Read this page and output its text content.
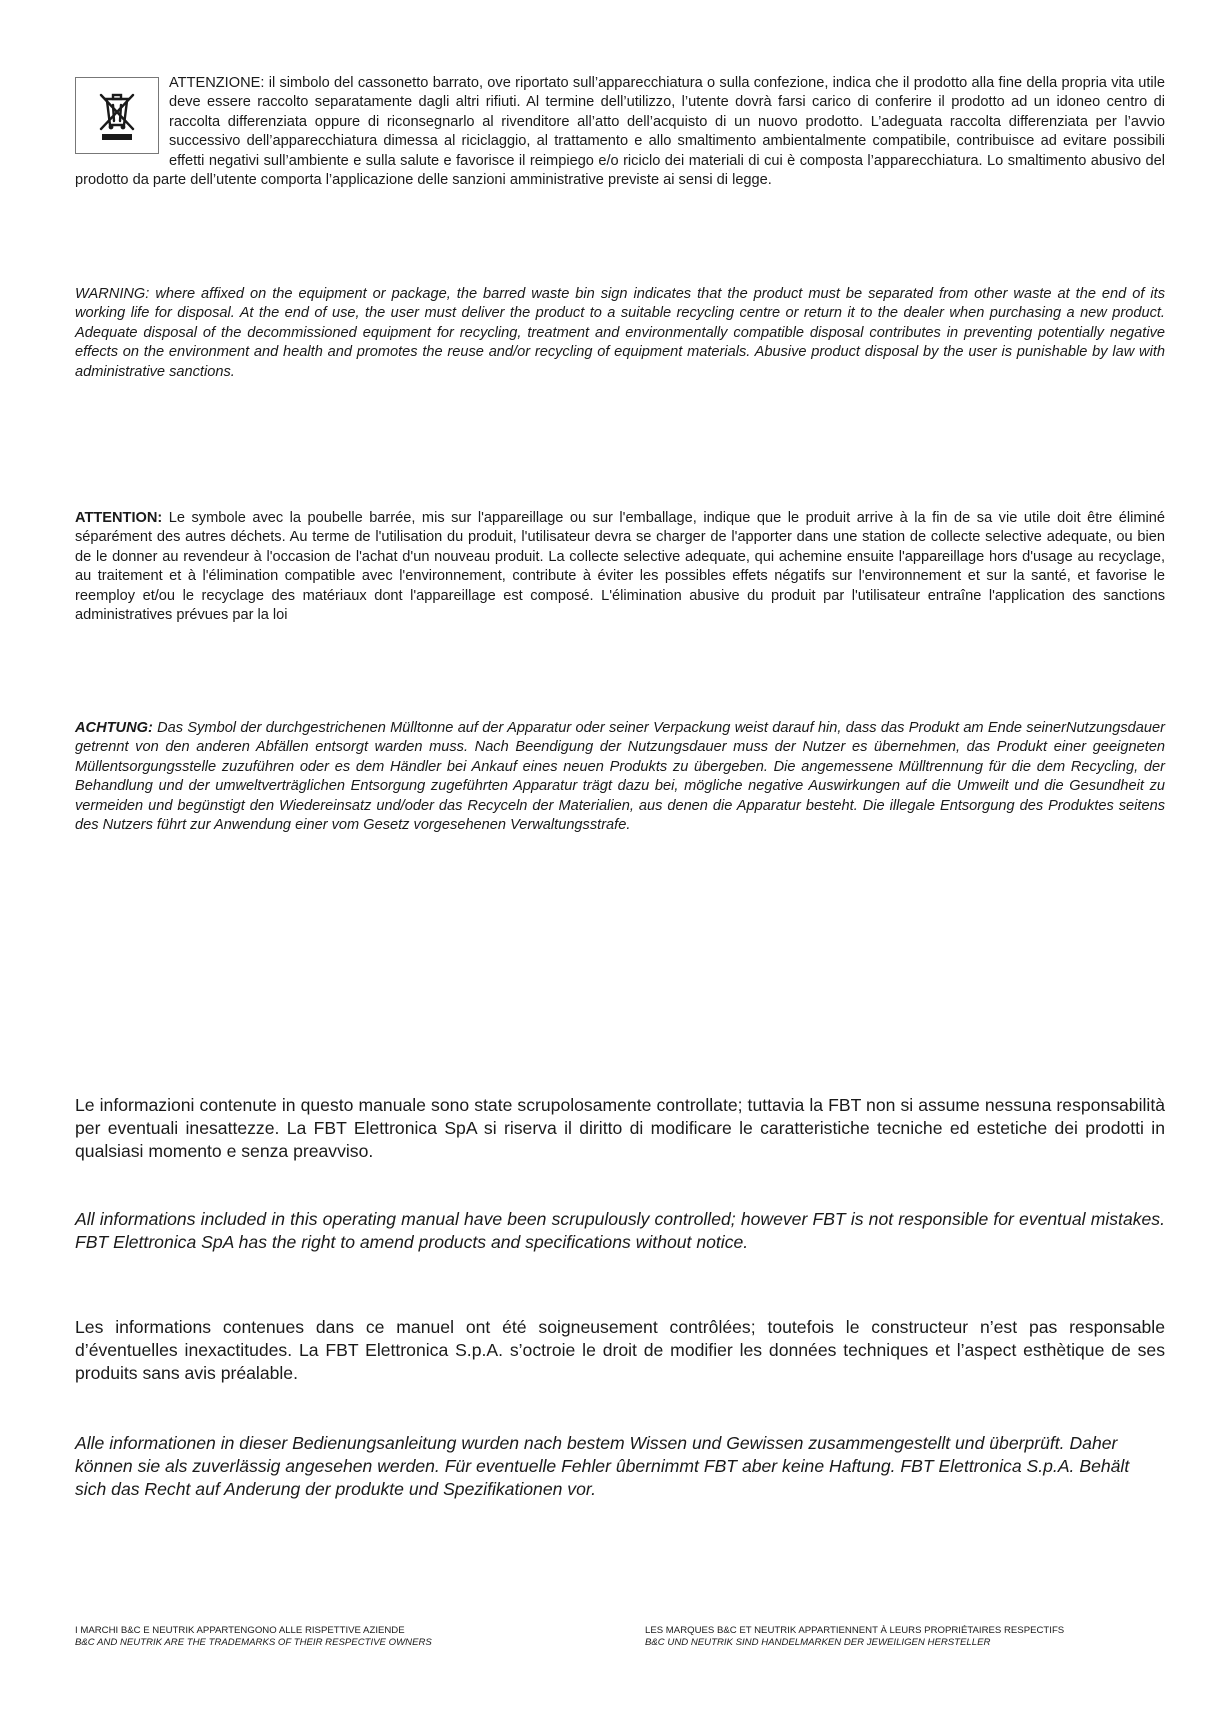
ATTENZIONE: il simbolo del cassonetto barrato, ove riportato sull’apparecchiatura o sulla confezione, indica che il prodotto alla fine della propria vita utile deve essere raccolto separatamente dagli altri rifiuti. Al termine dell’utilizzo, l’utente dovrà farsi carico di conferire il prodotto ad un idoneo centro di raccolta differenziata oppure di riconsegnarlo al rivenditore all’atto dell’acquisto di un nuovo prodotto. L’adeguata raccolta differenziata per l’avvio successivo dell’apparecchiatura dimessa al riciclaggio, al trattamento e allo smaltimento ambientalmente compatibile, contribuisce ad evitare possibili effetti negativi sull’ambiente e sulla salute e favorisce il reimpiego e/o riciclo dei materiali di cui è composta l’apparecchiatura. Lo smaltimento abusivo del prodotto da parte dell’utente comporta l’applicazione delle sanzioni amministrative previste ai sensi di legge.
WARNING: where affixed on the equipment or package, the barred waste bin sign indicates that the product must be separated from other waste at the end of its working life for disposal. At the end of use, the user must deliver the product to a suitable recycling centre or return it to the dealer when purchasing a new product. Adequate disposal of the decommissioned equipment for recycling, treatment and environmentally compatible disposal contributes in preventing potentially negative effects on the environment and health and promotes the reuse and/or recycling of equipment materials. Abusive product disposal by the user is punishable by law with administrative sanctions.
ATTENTION: Le symbole avec la poubelle barrée, mis sur l'appareillage ou sur l'emballage, indique que le produit arrive à la fin de sa vie utile doit être éliminé séparément des autres déchets. Au terme de l'utilisation du produit, l'utilisateur devra se charger de l'apporter dans une station de collecte selective adequate, ou bien de le donner au revendeur à l'occasion de l'achat d'un nouveau produit. La collecte selective adequate, qui achemine ensuite l'appareillage hors d'usage au recyclage, au traitement et à l'élimination compatible avec l'environnement, contribute à éviter les possibles effets négatifs sur l'environnement et sur la santé, et favorise le reemploy et/ou le recyclage des matériaux dont l'appareillage est composé. L'élimination abusive du produit par l'utilisateur entraîne l'application des sanctions administratives prévues par la loi
ACHTUNG: Das Symbol der durchgestrichenen Mülltonne auf der Apparatur oder seiner Verpackung weist darauf hin, dass das Produkt am Ende seinerNutzungsdauer getrennt von den anderen Abfällen entsorgt warden muss. Nach Beendigung der Nutzungsdauer muss der Nutzer es übernehmen, das Produkt einer geeigneten Müllentsorgungsstelle zuzuführen oder es dem Händler bei Ankauf eines neuen Produkts zu übergeben. Die angemessene Mülltrennung für die dem Recycling, der Behandlung und der umweltverträglichen Entsorgung zugeführten Apparatur trägt dazu bei, mögliche negative Auswirkungen auf die Umweilt und die Gesundheit zu vermeiden und begünstigt den Wiedereinsatz und/oder das Recyceln der Materialien, aus denen die Apparatur besteht. Die illegale Entsorgung des Produktes seitens des Nutzers führt zur Anwendung einer vom Gesetz vorgesehenen Verwaltungsstrafe.
Le informazioni contenute in questo manuale sono state scrupolosamente controllate; tuttavia la FBT non si assume nessuna responsabilità per eventuali inesattezze. La FBT Elettronica SpA si riserva il diritto di modificare le caratteristiche tecniche ed estetiche dei prodotti in qualsiasi momento e senza preavviso.
All informations included in this operating manual have been scrupulously controlled; however FBT is not responsible for eventual mistakes. FBT Elettronica SpA has the right to amend products and specifications without notice.
Les informations contenues dans ce manuel ont été soigneusement contrôlées; toutefois le constructeur n’est pas responsable d’éventuelles inexactitudes. La FBT Elettronica S.p.A. s’octroie le droit de modifier les données techniques et l’aspect esthètique de ses produits sans avis préalable.
Alle informationen in dieser Bedienungsanleitung wurden nach bestem Wissen und Gewissen zusammengestellt und überprüft. Daher können sie als zuverlässig angesehen werden. Für eventuelle Fehler ûbernimmt FBT aber keine Haftung. FBT Elettronica S.p.A. Behält sich das Recht auf Anderung der produkte und Spezifikationen vor.
I MARCHI B&C E NEUTRIK APPARTENGONO ALLE RISPETTIVE AZIENDE
B&C AND NEUTRIK ARE THE TRADEMARKS OF THEIR RESPECTIVE OWNERS
LES MARQUES B&C ET NEUTRIK APPARTIENNENT À LEURS PROPRIÉTAIRES RESPECTIFS
B&C UND NEUTRIK SIND HANDELMARKEN DER JEWEILIGEN HERSTELLER
